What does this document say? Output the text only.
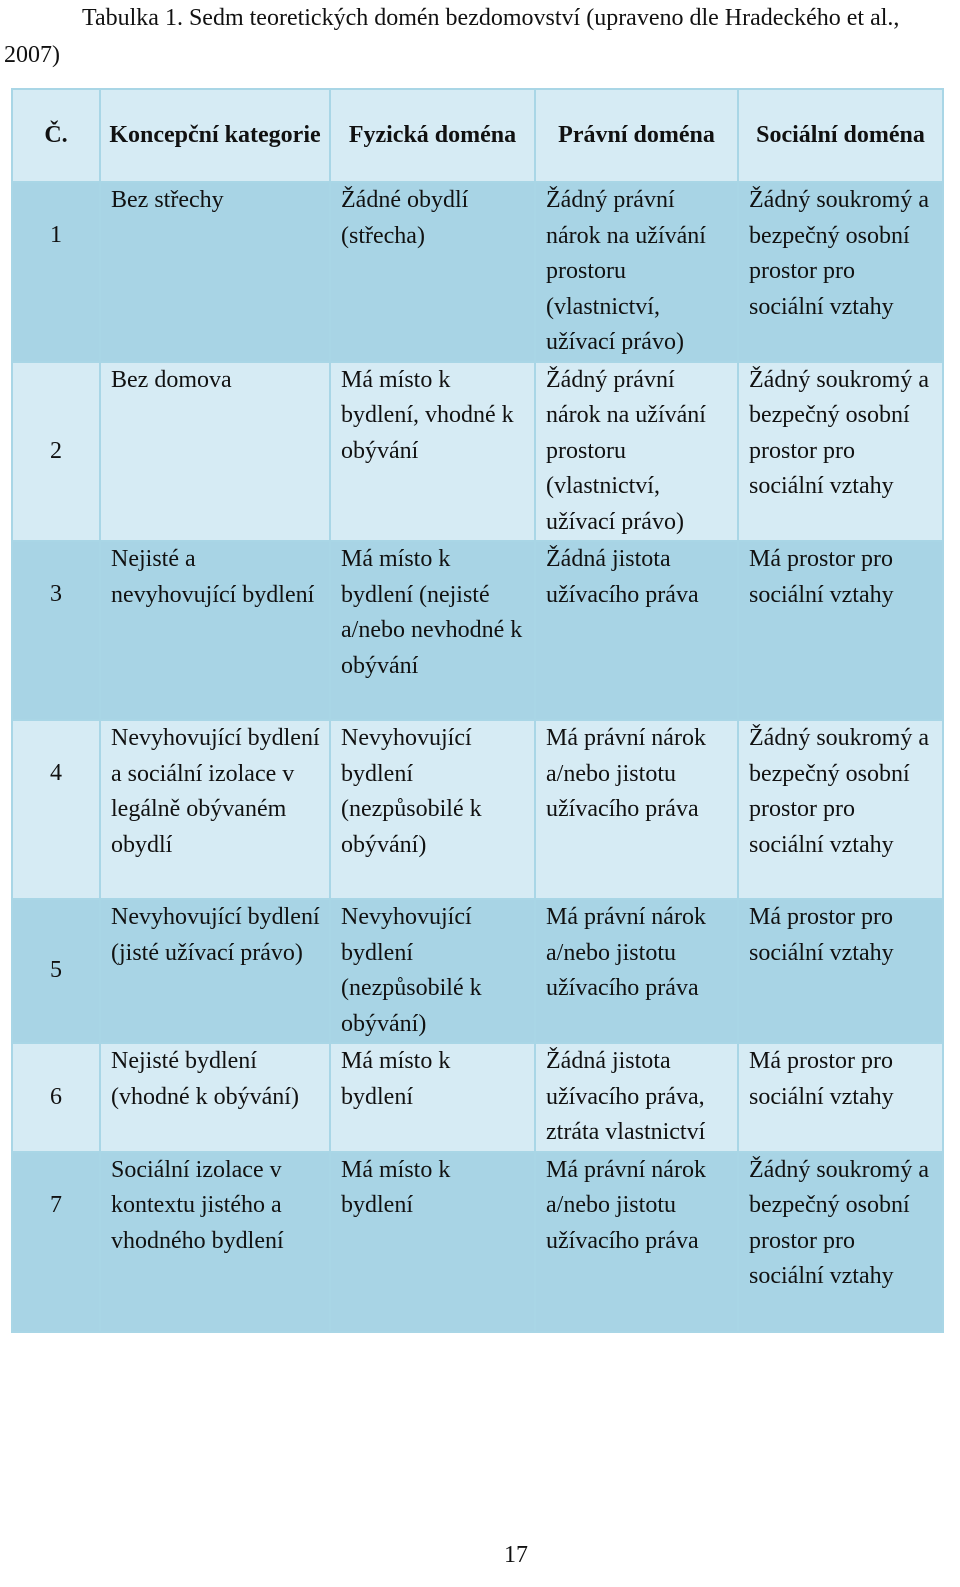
Tabulka 1. Sedm teoretických domén bezdomovství (upraveno dle Hradeckého et al., 2007)

Č.	Koncepční kategorie	Fyzická doména	Právní doména	Sociální doména
1	Bez střechy	Žádné obydlí (střecha)	Žádný právní nárok na užívání prostoru (vlastnictví, užívací právo)	Žádný soukromý a bezpečný osobní prostor pro sociální vztahy
2	Bez domova	Má místo k bydlení, vhodné k obývání	Žádný právní nárok na užívání prostoru (vlastnictví, užívací právo)	Žádný soukromý a bezpečný osobní prostor pro sociální vztahy
3	Nejisté a nevyhovující bydlení	Má místo k bydlení (nejisté a/nebo nevhodné k obývání	Žádná jistota užívacího práva	Má prostor pro sociální vztahy
4	Nevyhovující bydlení a sociální izolace v legálně obývaném obydlí	Nevyhovující bydlení (nezpůsobilé k obývání)	Má právní nárok a/nebo jistotu užívacího práva	Žádný soukromý a bezpečný osobní prostor pro sociální vztahy
5	Nevyhovující bydlení (jisté užívací právo)	Nevyhovující bydlení (nezpůsobilé k obývání)	Má právní nárok a/nebo jistotu užívacího práva	Má prostor pro sociální vztahy
6	Nejisté bydlení (vhodné k obývání)	Má místo k bydlení	Žádná jistota užívacího práva, ztráta vlastnictví	Má prostor pro sociální vztahy
7	Sociální izolace v kontextu jistého a vhodného bydlení	Má místo k bydlení	Má právní nárok a/nebo jistotu užívacího práva	Žádný soukromý a bezpečný osobní prostor pro sociální vztahy
17
